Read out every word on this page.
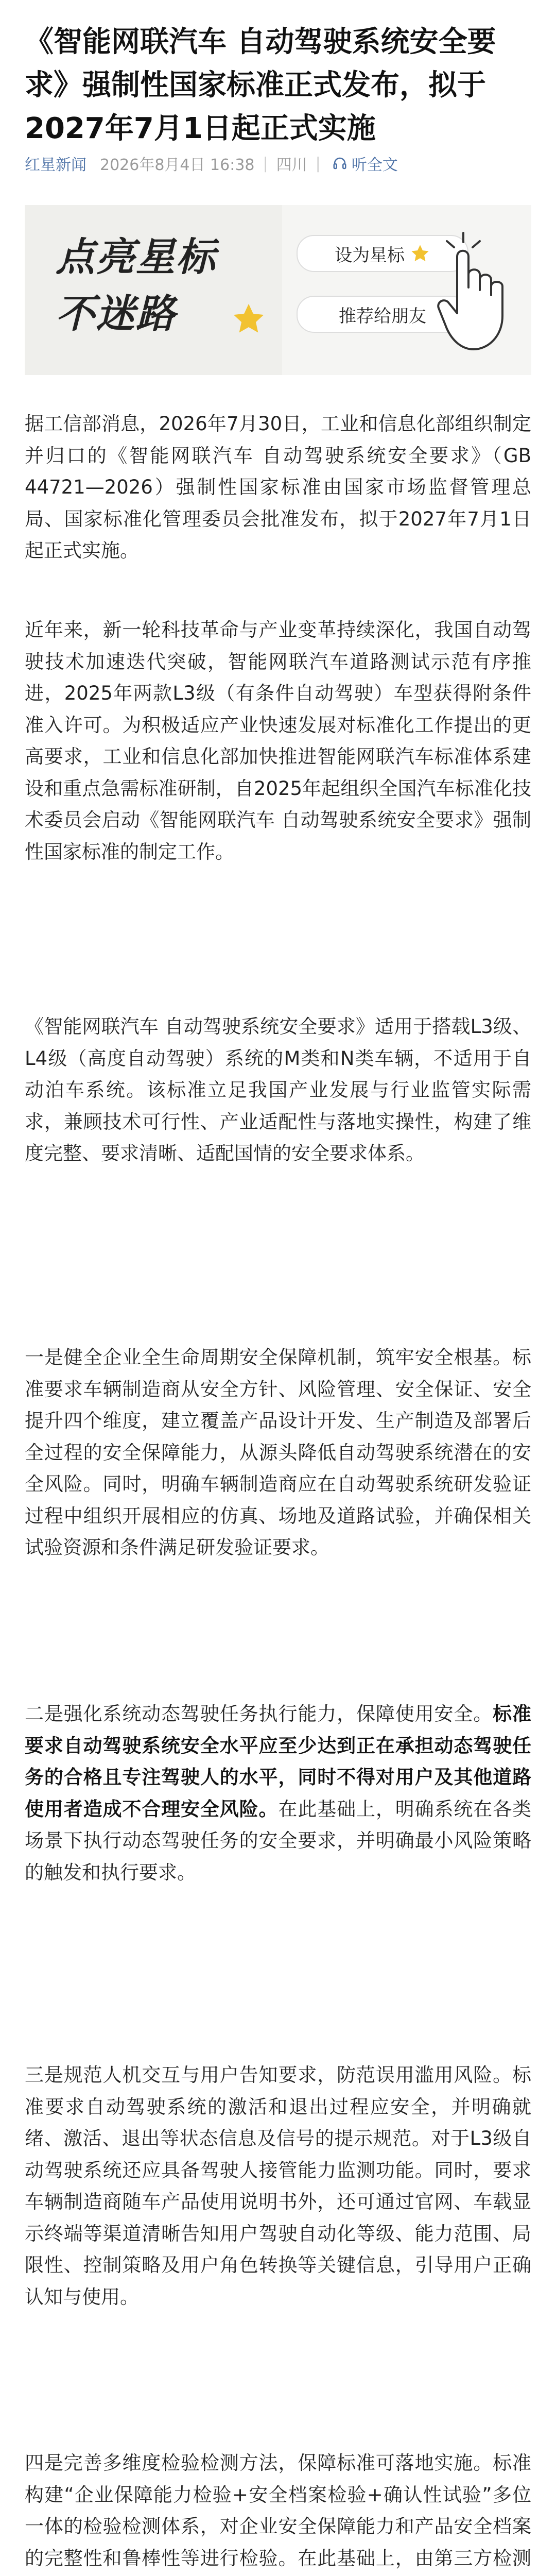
《智能网联汽车 自动驾驶系统安全要求》强制性国家标准正式发布，拟于2027年7月1日起正式实施
红星新闻 2026年8月4日 16:38 | 四川 | 听全文
点亮星标
不迷路
设为星标
推荐给朋友

据工信部消息，2026年7月30日，工业和信息化部组织制定并归口的《智能网联汽车 自动驾驶系统安全要求》（GB 44721—2026）强制性国家标准由国家市场监督管理总局、国家标准化管理委员会批准发布，拟于2027年7月1日起正式实施。

近年来，新一轮科技革命与产业变革持续深化，我国自动驾驶技术加速迭代突破，智能网联汽车道路测试示范有序推进，2025年两款L3级（有条件自动驾驶）车型获得附条件准入许可。为积极适应产业快速发展对标准化工作提出的更高要求，工业和信息化部加快推进智能网联汽车标准体系建设和重点急需标准研制，自2025年起组织全国汽车标准化技术委员会启动《智能网联汽车 自动驾驶系统安全要求》强制性国家标准的制定工作。

《智能网联汽车 自动驾驶系统安全要求》适用于搭载L3级、L4级（高度自动驾驶）系统的M类和N类车辆，不适用于自动泊车系统。该标准立足我国产业发展与行业监管实际需求，兼顾技术可行性、产业适配性与落地实操性，构建了维度完整、要求清晰、适配国情的安全要求体系。

一是健全企业全生命周期安全保障机制，筑牢安全根基。标准要求车辆制造商从安全方针、风险管理、安全保证、安全提升四个维度，建立覆盖产品设计开发、生产制造及部署后全过程的安全保障能力，从源头降低自动驾驶系统潜在的安全风险。同时，明确车辆制造商应在自动驾驶系统研发验证过程中组织开展相应的仿真、场地及道路试验，并确保相关试验资源和条件满足研发验证要求。

二是强化系统动态驾驶任务执行能力，保障使用安全。标准要求自动驾驶系统安全水平应至少达到正在承担动态驾驶任务的合格且专注驾驶人的水平，同时不得对用户及其他道路使用者造成不合理安全风险。在此基础上，明确系统在各类场景下执行动态驾驶任务的安全要求，并明确最小风险策略的触发和执行要求。

三是规范人机交互与用户告知要求，防范误用滥用风险。标准要求自动驾驶系统的激活和退出过程应安全，并明确就绪、激活、退出等状态信息及信号的提示规范。对于L3级自动驾驶系统还应具备驾驶人接管能力监测功能。同时，要求车辆制造商随车产品使用说明书外，还可通过官网、车载显示终端等渠道清晰告知用户驾驶自动化等级、能力范围、局限性、控制策略及用户角色转换等关键信息，引导用户正确认知与使用。

四是完善多维度检验检测方法，保障标准可落地实施。标准构建“企业保障能力检验+安全档案检验+确认性试验”多位一体的检验检测体系，对企业安全保障能力和产品安全档案的完整性和鲁棒性等进行检验。在此基础上，由第三方检测
